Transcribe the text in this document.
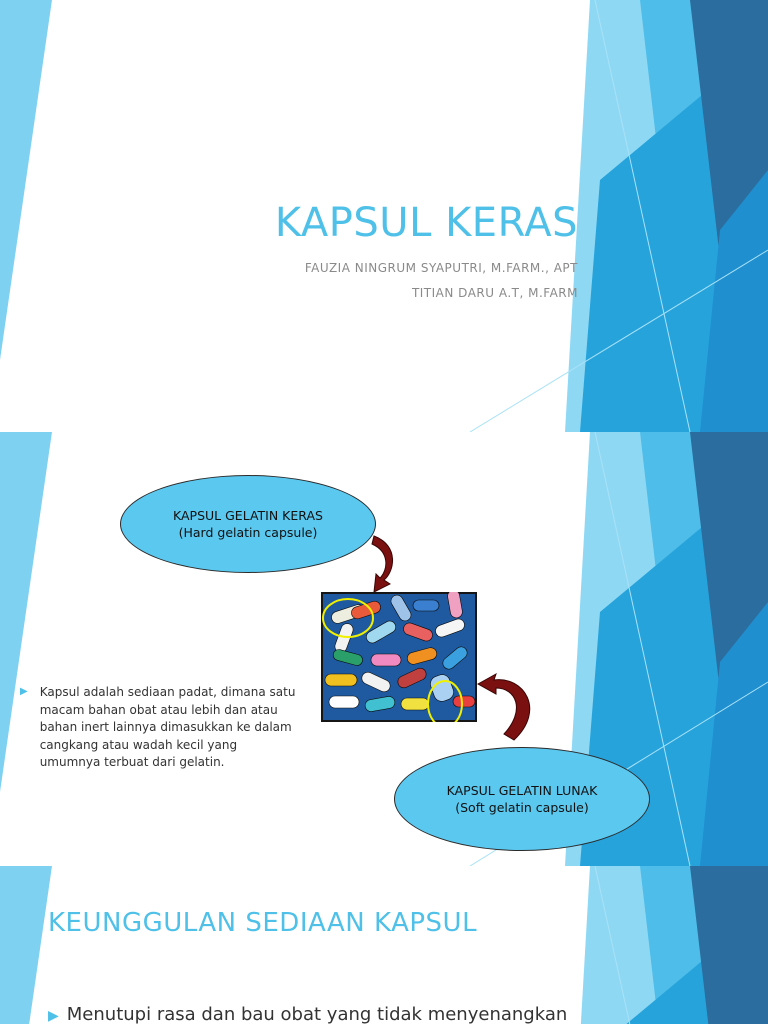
KAPSUL KERAS
FAUZIA NINGRUM SYAPUTRI, M.FARM., APT
TITIAN DARU A.T, M.FARM
KAPSUL GELATIN KERAS
(Hard gelatin capsule)
▶ Kapsul adalah sediaan padat, dimana satu macam bahan obat atau lebih dan atau bahan inert lainnya dimasukkan ke dalam cangkang atau wadah kecil yang umumnya terbuat dari gelatin.
KAPSUL GELATIN LUNAK
(Soft gelatin capsule)
KEUNGGULAN SEDIAAN KAPSUL
▶ Menutupi rasa dan bau obat yang tidak menyenangkan
